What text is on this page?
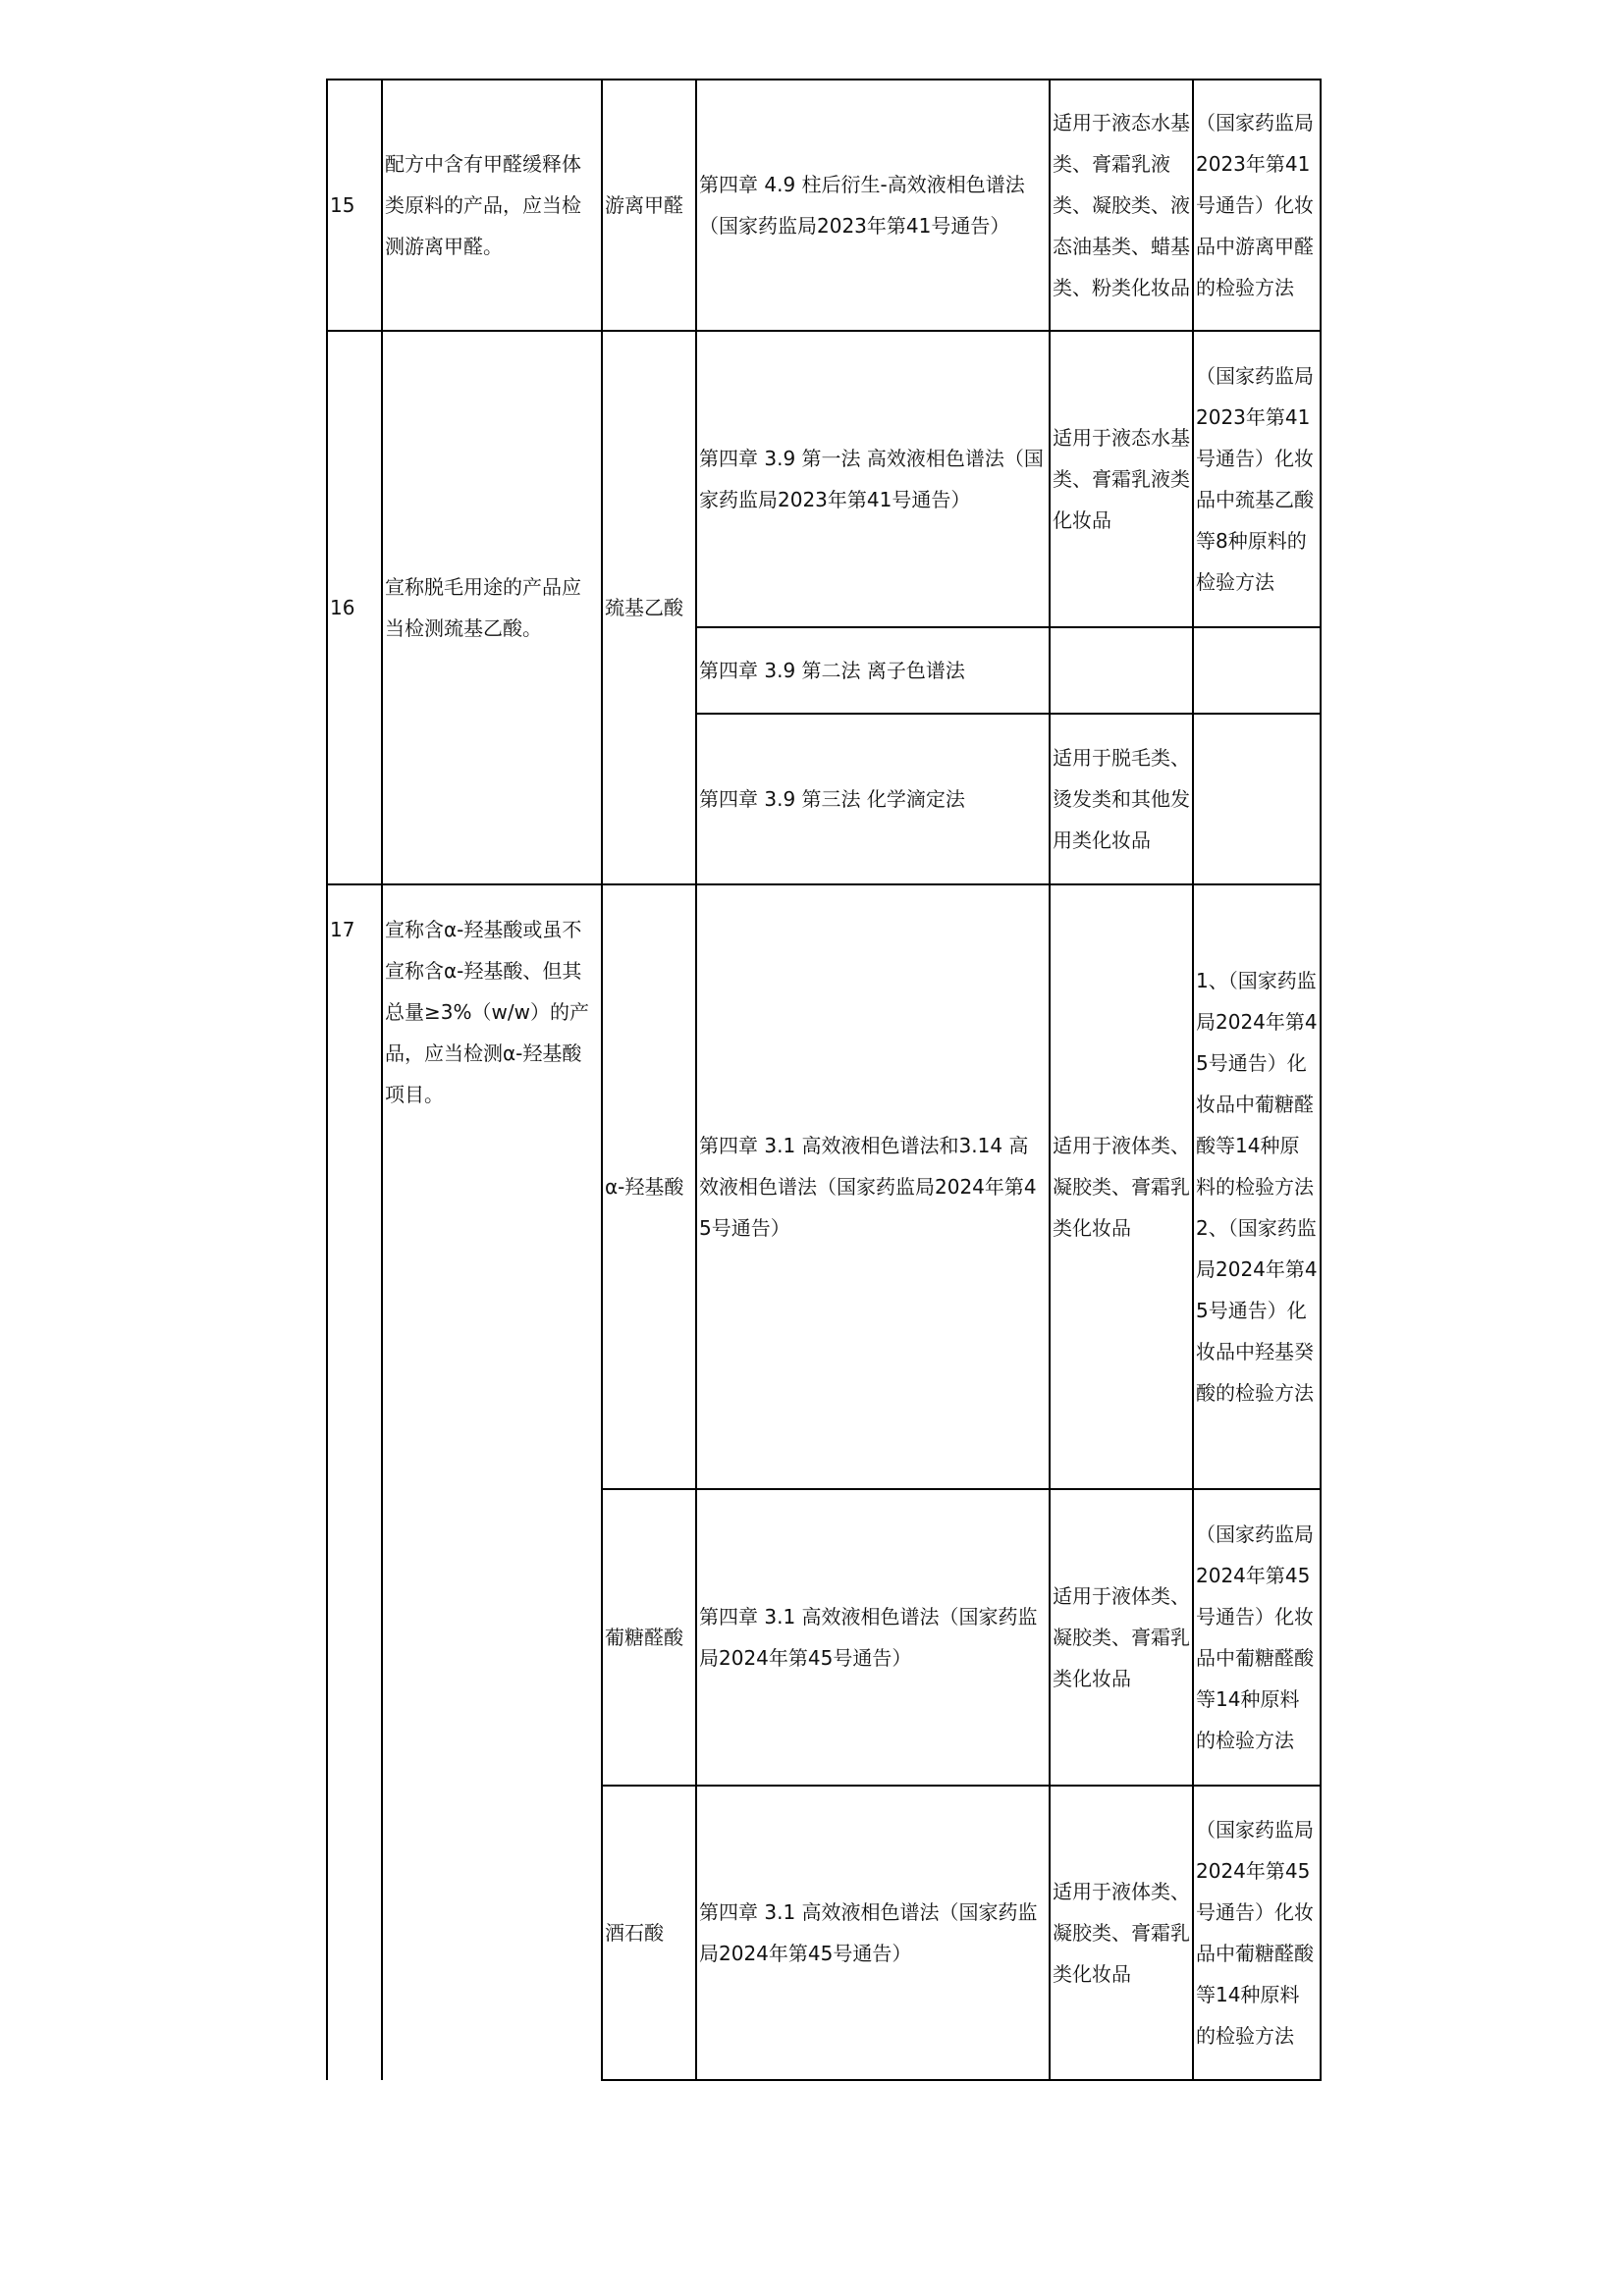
15	配方中含有甲醛缓释体类原料的产品，应当检测游离甲醛。	游离甲醛	第四章 4.9 柱后衍生-高效液相色谱法（国家药监局2023年第41号通告）	适用于液态水基类、膏霜乳液类、凝胶类、液态油基类、蜡基类、粉类化妆品	（国家药监局2023年第41号通告）化妆品中游离甲醛的检验方法
16	宣称脱毛用途的产品应当检测巯基乙酸。	巯基乙酸	第四章 3.9 第一法 高效液相色谱法（国家药监局2023年第41号通告）	适用于液态水基类、膏霜乳液类化妆品	（国家药监局2023年第41号通告）化妆品中巯基乙酸等8种原料的检验方法
			第四章 3.9 第二法 离子色谱法		
			第四章 3.9 第三法 化学滴定法	适用于脱毛类、烫发类和其他发用类化妆品	
17	宣称含α-羟基酸或虽不宣称含α-羟基酸、但其总量≥3%（w/w）的产品，应当检测α-羟基酸项目。	α-羟基酸	第四章 3.1 高效液相色谱法和3.14 高效液相色谱法（国家药监局2024年第45号通告）	适用于液体类、凝胶类、膏霜乳类化妆品	1、（国家药监局2024年第45号通告）化妆品中葡糖醛酸等14种原料的检验方法
2、（国家药监局2024年第45号通告）化妆品中羟基癸酸的检验方法

		葡糖醛酸	第四章 3.1 高效液相色谱法（国家药监局2024年第45号通告）	适用于液体类、凝胶类、膏霜乳类化妆品	（国家药监局2024年第45号通告）化妆品中葡糖醛酸等14种原料的检验方法
		酒石酸	第四章 3.1 高效液相色谱法（国家药监局2024年第45号通告）	适用于液体类、凝胶类、膏霜乳类化妆品	（国家药监局2024年第45号通告）化妆品中葡糖醛酸等14种原料的检验方法
